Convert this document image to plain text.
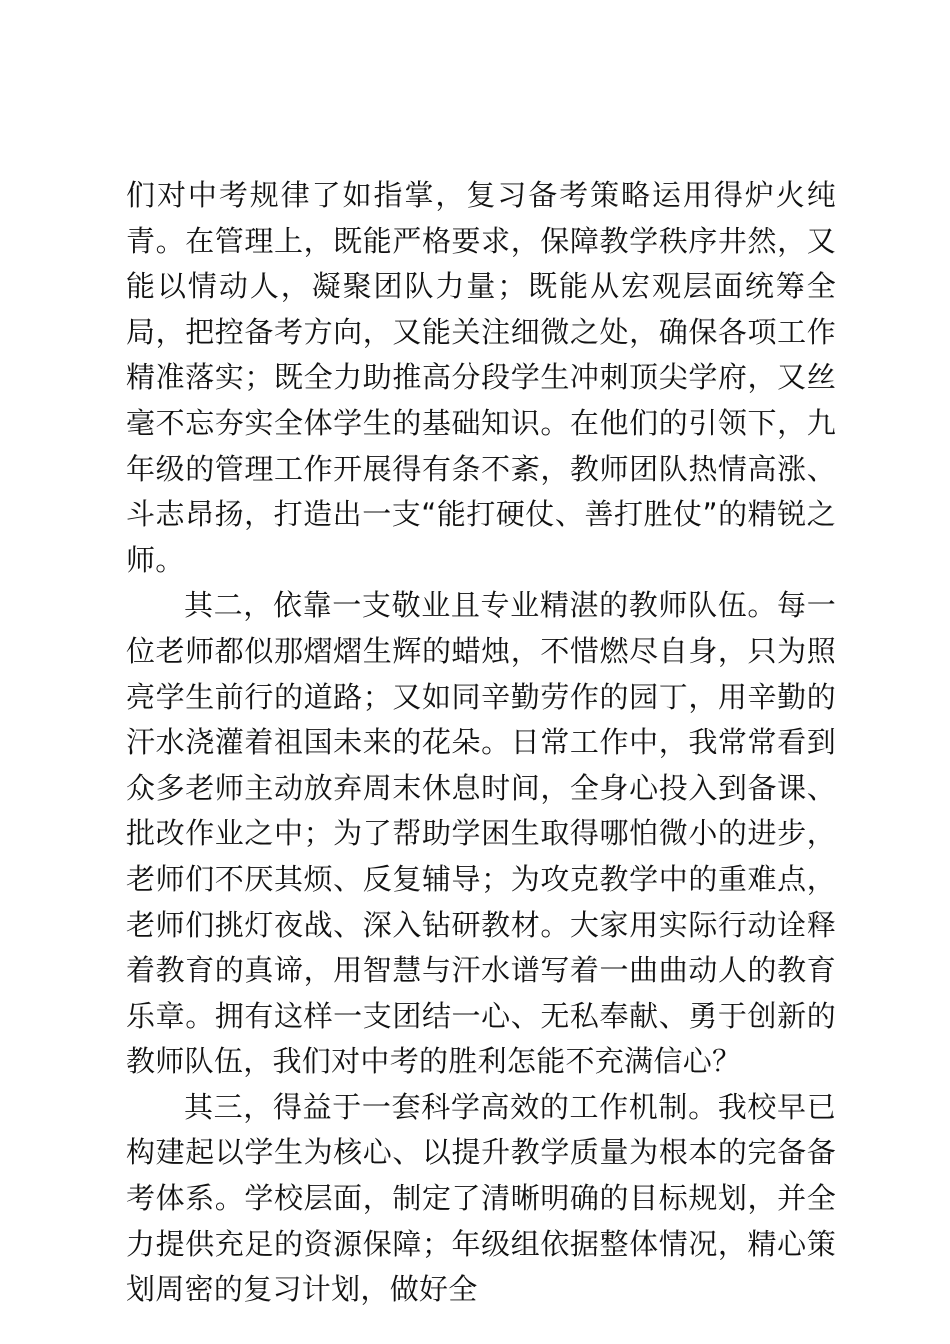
们对中考规律了如指掌，复习备考策略运用得炉火纯青。在管理上，既能严格要求，保障教学秩序井然，又能以情动人，凝聚团队力量；既能从宏观层面统筹全局，把控备考方向，又能关注细微之处，确保各项工作精准落实；既全力助推高分段学生冲刺顶尖学府，又丝毫不忘夯实全体学生的基础知识。在他们的引领下，九年级的管理工作开展得有条不紊，教师团队热情高涨、斗志昂扬，打造出一支“能打硬仗、善打胜仗”的精锐之师。

其二，依靠一支敬业且专业精湛的教师队伍。每一位老师都似那熠熠生辉的蜡烛，不惜燃尽自身，只为照亮学生前行的道路；又如同辛勤劳作的园丁，用辛勤的汗水浇灌着祖国未来的花朵。日常工作中，我常常看到众多老师主动放弃周末休息时间，全身心投入到备课、批改作业之中；为了帮助学困生取得哪怕微小的进步，老师们不厌其烦、反复辅导；为攻克教学中的重难点，老师们挑灯夜战、深入钻研教材。大家用实际行动诠释着教育的真谛，用智慧与汗水谱写着一曲曲动人的教育乐章。拥有这样一支团结一心、无私奉献、勇于创新的教师队伍，我们对中考的胜利怎能不充满信心？

其三，得益于一套科学高效的工作机制。我校早已构建起以学生为核心、以提升教学质量为根本的完备备考体系。学校层面，制定了清晰明确的目标规划，并全力提供充足的资源保障；年级组依据整体情况，精心策划周密的复习计划，做好全
